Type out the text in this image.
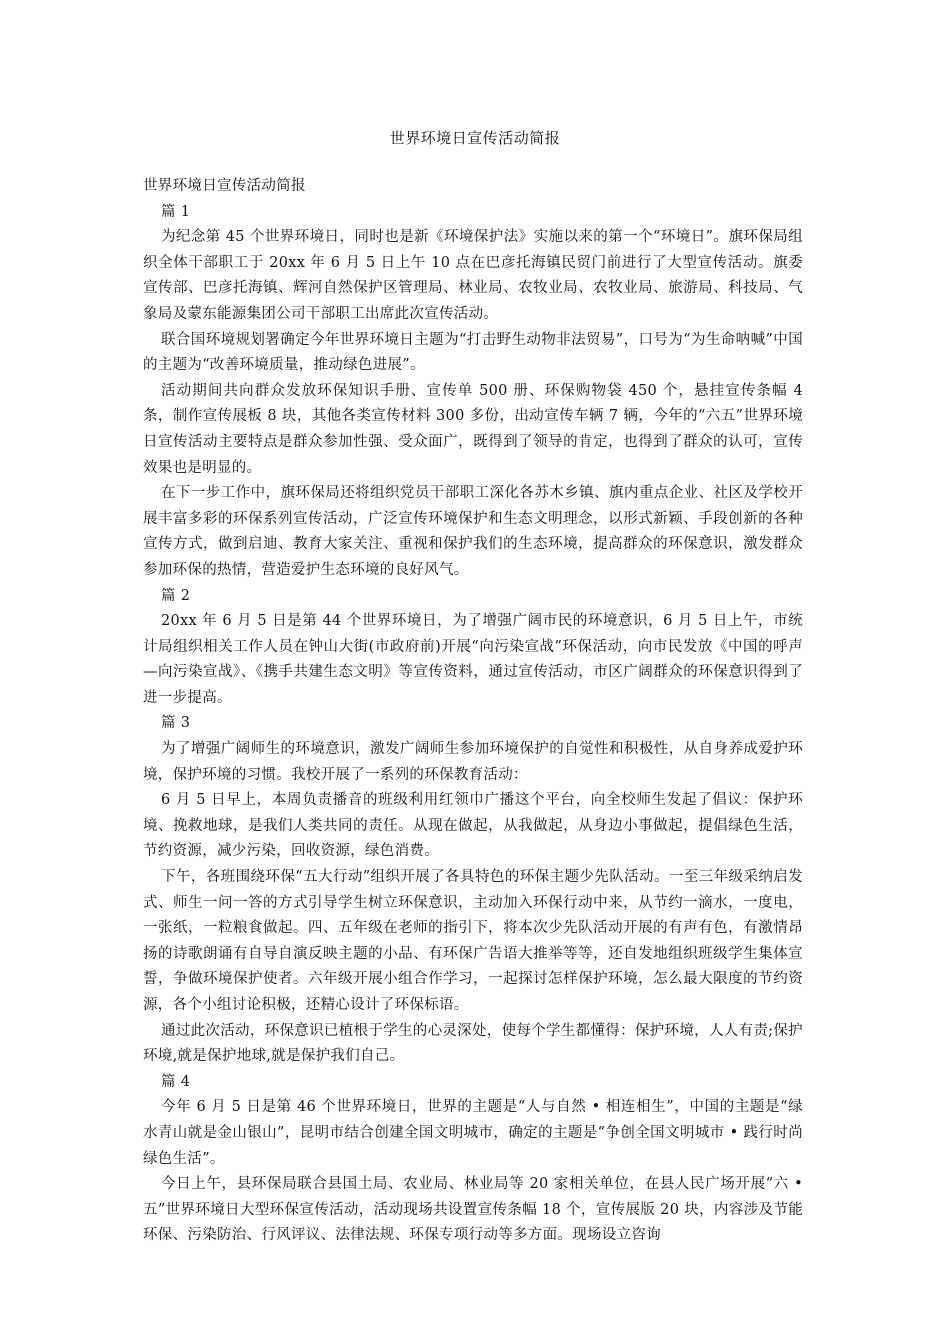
世界环境日宣传活动简报

世界环境日宣传活动简报

篇 1

为纪念第 45 个世界环境日，同时也是新《环境保护法》实施以来的第一个“环境日”。旗环保局组织全体干部职工于 20xx 年 6 月 5 日上午 10 点在巴彦托海镇民贸门前进行了大型宣传活动。旗委宣传部、巴彦托海镇、辉河自然保护区管理局、林业局、农牧业局、农牧业局、旅游局、科技局、气象局及蒙东能源集团公司干部职工出席此次宣传活动。

联合国环境规划署确定今年世界环境日主题为“打击野生动物非法贸易”，口号为“为生命呐喊”中国的主题为“改善环境质量，推动绿色进展”。

活动期间共向群众发放环保知识手册、宣传单 500 册、环保购物袋 450 个，悬挂宣传条幅 4 条，制作宣传展板 8 块，其他各类宣传材料 300 多份，出动宣传车辆 7 辆，今年的“六五”世界环境日宣传活动主要特点是群众参加性强、受众面广，既得到了领导的肯定，也得到了群众的认可，宣传效果也是明显的。

在下一步工作中，旗环保局还将组织党员干部职工深化各苏木乡镇、旗内重点企业、社区及学校开展丰富多彩的环保系列宣传活动，广泛宣传环境保护和生态文明理念，以形式新颖、手段创新的各种宣传方式，做到启迪、教育大家关注、重视和保护我们的生态环境，提高群众的环保意识，激发群众参加环保的热情，营造爱护生态环境的良好风气。

篇 2

20xx 年 6 月 5 日是第 44 个世界环境日，为了增强广阔市民的环境意识，6 月 5 日上午，市统计局组织相关工作人员在钟山大街(市政府前)开展“向污染宣战”环保活动，向市民发放《中国的呼声—向污染宣战》、《携手共建生态文明》等宣传资料，通过宣传活动，市区广阔群众的环保意识得到了进一步提高。

篇 3

为了增强广阔师生的环境意识，激发广阔师生参加环境保护的自觉性和积极性，从自身养成爱护环境，保护环境的习惯。我校开展了一系列的环保教育活动：

6 月 5 日早上，本周负责播音的班级利用红领巾广播这个平台，向全校师生发起了倡议：保护环境、挽救地球，是我们人类共同的责任。从现在做起，从我做起，从身边小事做起，提倡绿色生活，节约资源，减少污染，回收资源，绿色消费。

下午，各班围绕环保“五大行动”组织开展了各具特色的环保主题少先队活动。一至三年级采纳启发式、师生一问一答的方式引导学生树立环保意识，主动加入环保行动中来，从节约一滴水，一度电，一张纸，一粒粮食做起。四、五年级在老师的指引下，将本次少先队活动开展的有声有色，有激情昂扬的诗歌朗诵有自导自演反映主题的小品、有环保广告语大推举等等，还自发地组织班级学生集体宣誓，争做环境保护使者。六年级开展小组合作学习，一起探讨怎样保护环境，怎么最大限度的节约资源，各个小组讨论积极，还精心设计了环保标语。

通过此次活动，环保意识已植根于学生的心灵深处，使每个学生都懂得：保护环境，人人有责;保护环境,就是保护地球,就是保护我们自己。

篇 4

今年 6 月 5 日是第 46 个世界环境日，世界的主题是“人与自然 • 相连相生”，中国的主题是“绿水青山就是金山银山”，昆明市结合创建全国文明城市，确定的主题是“争创全国文明城市 • 践行时尚绿色生活”。

今日上午，县环保局联合县国土局、农业局、林业局等 20 家相关单位，在县人民广场开展“六 • 五”世界环境日大型环保宣传活动，活动现场共设置宣传条幅 18 个，宣传展版 20 块，内容涉及节能环保、污染防治、行风评议、法律法规、环保专项行动等多方面。现场设立咨询
